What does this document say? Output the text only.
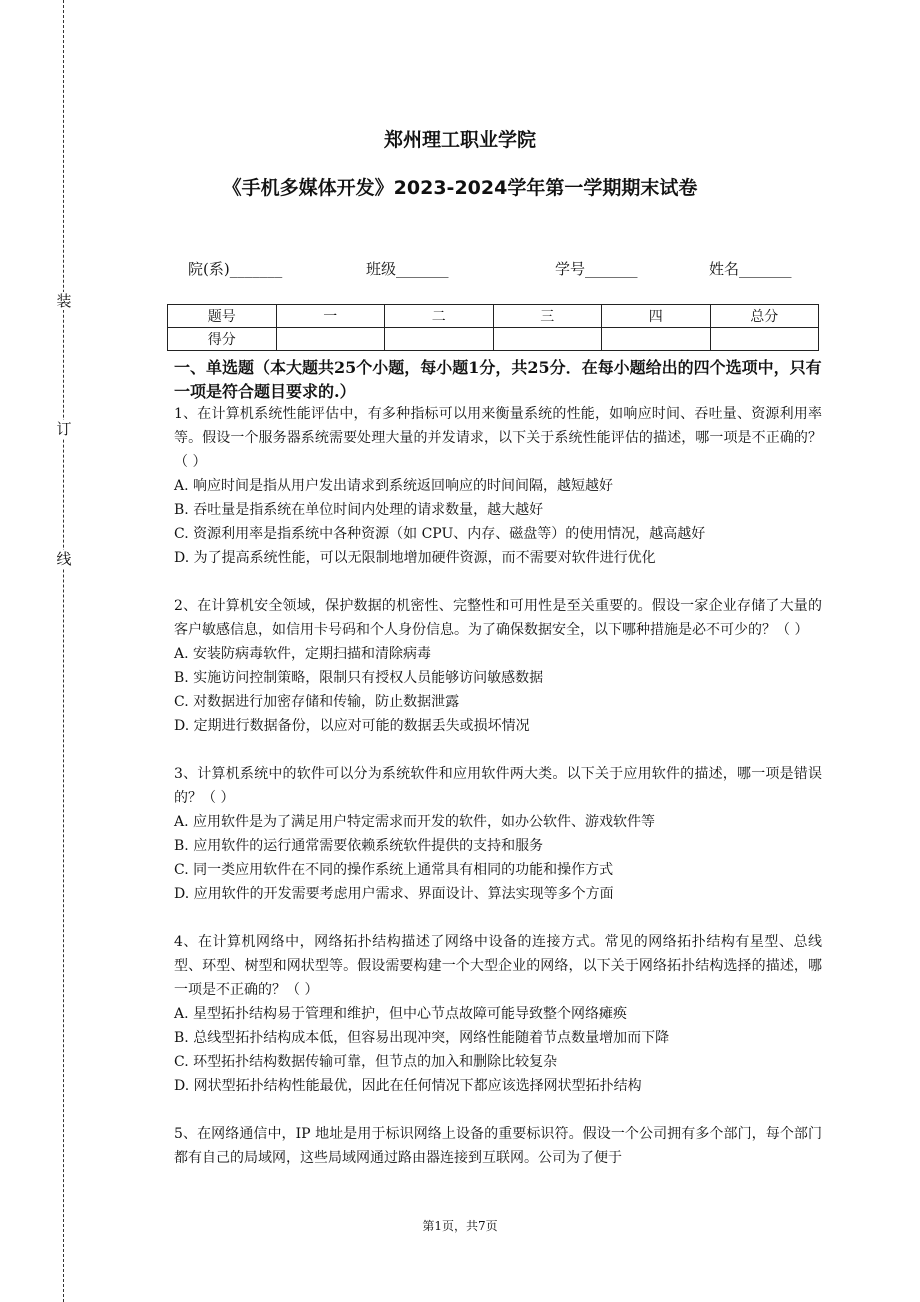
装
订
线
郑州理工职业学院
《手机多媒体开发》2023-2024学年第一学期期末试卷
院(系)_______	班级_______	学号_______	姓名_______
题号	一	二	三	四	总分
得分					
一、单选题（本大题共25个小题，每小题1分，共25分．在每小题给出的四个选项中，只有一项是符合题目要求的.）

1、在计算机系统性能评估中，有多种指标可以用来衡量系统的性能，如响应时间、吞吐量、资源利用率等。假设一个服务器系统需要处理大量的并发请求，以下关于系统性能评估的描述，哪一项是不正确的？（ ）

A. 响应时间是指从用户发出请求到系统返回响应的时间间隔，越短越好

B. 吞吐量是指系统在单位时间内处理的请求数量，越大越好

C. 资源利用率是指系统中各种资源（如 CPU、内存、磁盘等）的使用情况，越高越好

D. 为了提高系统性能，可以无限制地增加硬件资源，而不需要对软件进行优化

2、在计算机安全领域，保护数据的机密性、完整性和可用性是至关重要的。假设一家企业存储了大量的客户敏感信息，如信用卡号码和个人身份信息。为了确保数据安全，以下哪种措施是必不可少的？（ ）

A. 安装防病毒软件，定期扫描和清除病毒

B. 实施访问控制策略，限制只有授权人员能够访问敏感数据

C. 对数据进行加密存储和传输，防止数据泄露

D. 定期进行数据备份，以应对可能的数据丢失或损坏情况

3、计算机系统中的软件可以分为系统软件和应用软件两大类。以下关于应用软件的描述，哪一项是错误的？（ ）

A. 应用软件是为了满足用户特定需求而开发的软件，如办公软件、游戏软件等

B. 应用软件的运行通常需要依赖系统软件提供的支持和服务

C. 同一类应用软件在不同的操作系统上通常具有相同的功能和操作方式

D. 应用软件的开发需要考虑用户需求、界面设计、算法实现等多个方面

4、在计算机网络中，网络拓扑结构描述了网络中设备的连接方式。常见的网络拓扑结构有星型、总线型、环型、树型和网状型等。假设需要构建一个大型企业的网络，以下关于网络拓扑结构选择的描述，哪一项是不正确的？（ ）

A. 星型拓扑结构易于管理和维护，但中心节点故障可能导致整个网络瘫痪

B. 总线型拓扑结构成本低，但容易出现冲突，网络性能随着节点数量增加而下降

C. 环型拓扑结构数据传输可靠，但节点的加入和删除比较复杂

D. 网状型拓扑结构性能最优，因此在任何情况下都应该选择网状型拓扑结构

5、在网络通信中，IP 地址是用于标识网络上设备的重要标识符。假设一个公司拥有多个部门，每个部门都有自己的局域网，这些局域网通过路由器连接到互联网。公司为了便于

第1页，共7页
